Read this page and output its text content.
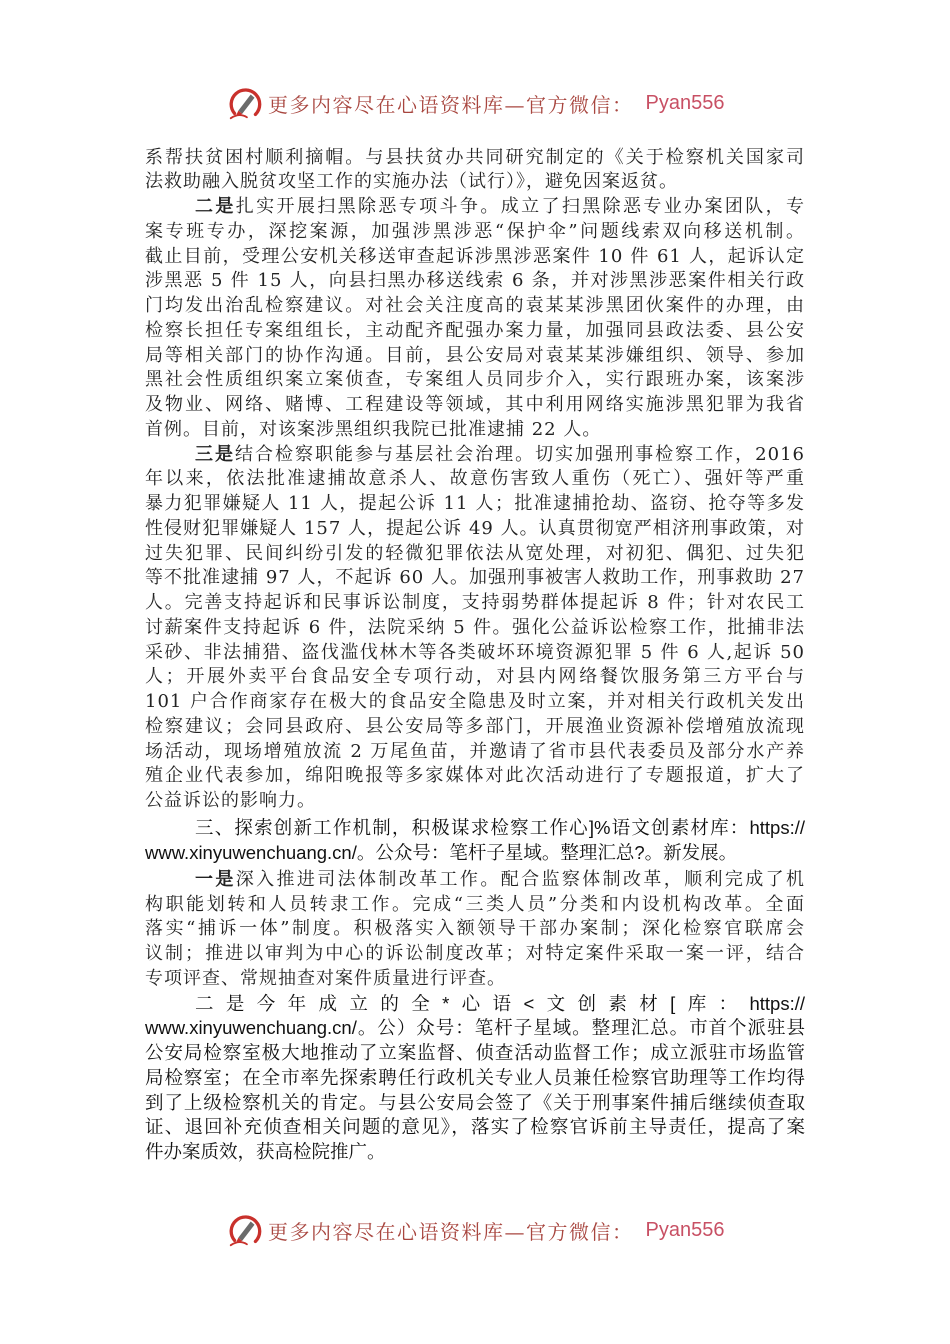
更多内容尽在心语资料库—官方微信： Pyan556
系帮扶贫困村顺利摘帽。与县扶贫办共同研究制定的《关于检察机关国家司
法救助融入脱贫攻坚工作的实施办法（试行）》，避免因案返贫。
二是扎实开展扫黑除恶专项斗争。成立了扫黑除恶专业办案团队，专
案专班专办，深挖案源，加强涉黑涉恶“保护伞”问题线索双向移送机制。
截止目前，受理公安机关移送审查起诉涉黑涉恶案件 10 件 61 人，起诉认定
涉黑恶 5 件 15 人，向县扫黑办移送线索 6 条，并对涉黑涉恶案件相关行政
门均发出治乱检察建议。对社会关注度高的袁某某涉黑团伙案件的办理，由
检察长担任专案组组长，主动配齐配强办案力量，加强同县政法委、县公安
局等相关部门的协作沟通。目前，县公安局对袁某某涉嫌组织、领导、参加
黑社会性质组织案立案侦查，专案组人员同步介入，实行跟班办案，该案涉
及物业、网络、赌博、工程建设等领域，其中利用网络实施涉黑犯罪为我省
首例。目前，对该案涉黑组织我院已批准逮捕 22 人。
三是结合检察职能参与基层社会治理。切实加强刑事检察工作，2016
年以来，依法批准逮捕故意杀人、故意伤害致人重伤（死亡）、强奸等严重
暴力犯罪嫌疑人 11 人，提起公诉 11 人；批准逮捕抢劫、盗窃、抢夺等多发
性侵财犯罪嫌疑人 157 人，提起公诉 49 人。认真贯彻宽严相济刑事政策，对
过失犯罪、民间纠纷引发的轻微犯罪依法从宽处理，对初犯、偶犯、过失犯
等不批准逮捕 97 人，不起诉 60 人。加强刑事被害人救助工作，刑事救助 27
人。完善支持起诉和民事诉讼制度，支持弱势群体提起诉 8 件；针对农民工
讨薪案件支持起诉 6 件，法院采纳 5 件。强化公益诉讼检察工作，批捕非法
采砂、非法捕猎、盗伐滥伐林木等各类破坏环境资源犯罪 5 件 6 人,起诉 50
人；开展外卖平台食品安全专项行动，对县内网络餐饮服务第三方平台与
101 户合作商家存在极大的食品安全隐患及时立案，并对相关行政机关发出
检察建议；会同县政府、县公安局等多部门，开展渔业资源补偿增殖放流现
场活动，现场增殖放流 2 万尾鱼苗，并邀请了省市县代表委员及部分水产养
殖企业代表参加，绵阳晚报等多家媒体对此次活动进行了专题报道，扩大了
公益诉讼的影响力。
三、探索创新工作机制，积极谋求检察工作心]%语文创素材库：https://
www.xinyuwenchuang.cn/。公众号：笔杆子星域。整理汇总?。新发展。
一是深入推进司法体制改革工作。配合监察体制改革，顺利完成了机
构职能划转和人员转隶工作。完成“三类人员”分类和内设机构改革。全面
落实“捕诉一体”制度。积极落实入额领导干部办案制；深化检察官联席会
议制；推进以审判为中心的诉讼制度改革；对特定案件采取一案一评，结合
专项评查、常规抽查对案件质量进行评查。
二是今年成立的全*心语<文创素材[库：https://
www.xinyuwenchuang.cn/。公）众号：笔杆子星域。整理汇总。市首个派驻县
公安局检察室极大地推动了立案监督、侦查活动监督工作；成立派驻市场监管
局检察室；在全市率先探索聘任行政机关专业人员兼任检察官助理等工作均得
到了上级检察机关的肯定。与县公安局会签了《关于刑事案件捕后继续侦查取
证、退回补充侦查相关问题的意见》，落实了检察官诉前主导责任，提高了案
件办案质效，获高检院推广。
更多内容尽在心语资料库—官方微信： Pyan556
